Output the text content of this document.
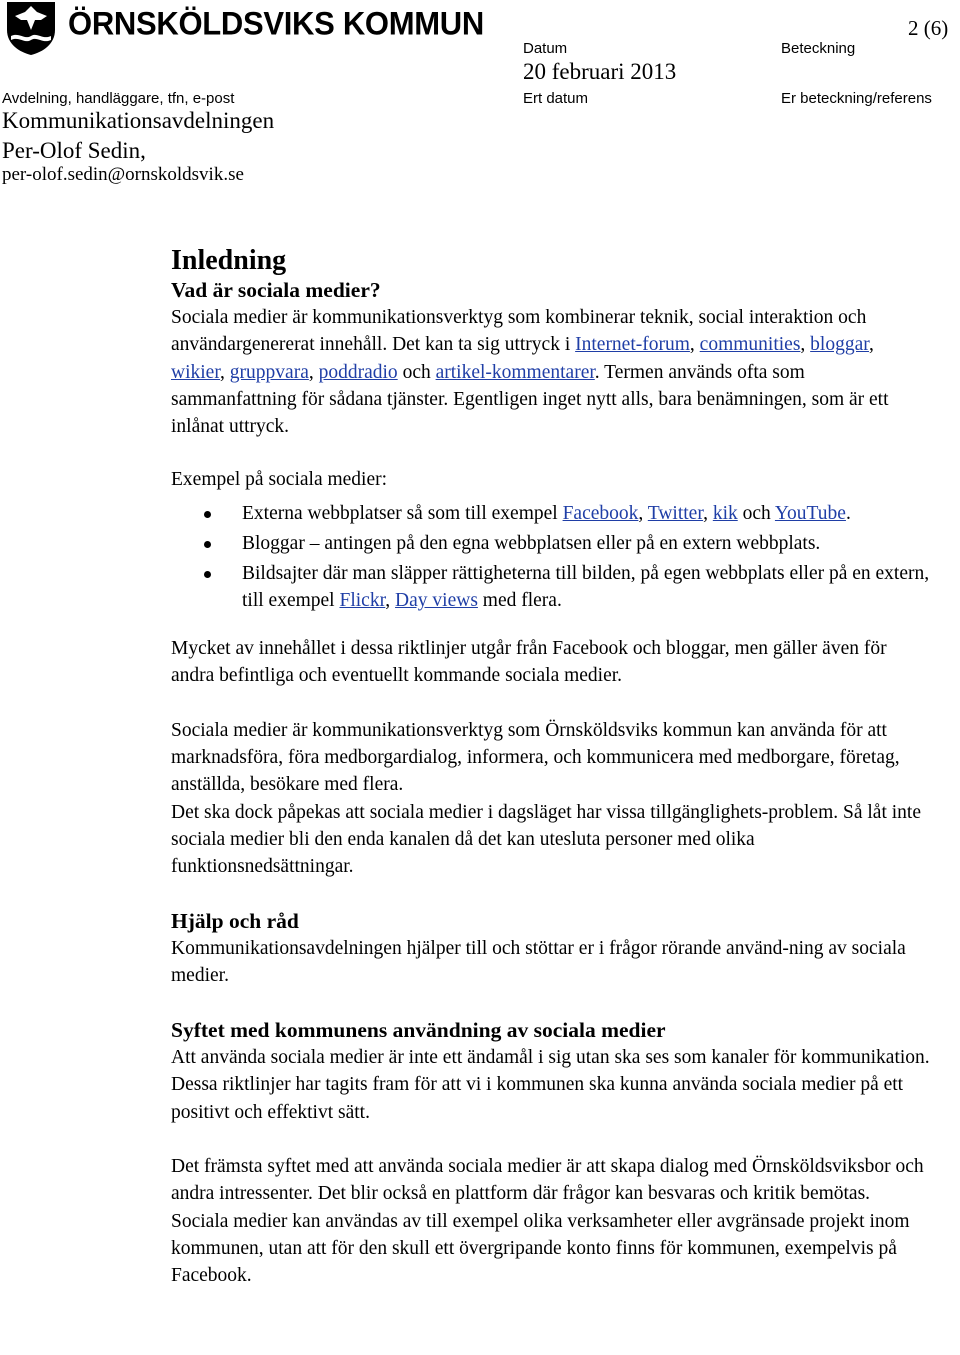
ÖRNSKÖLDSVIKS KOMMUN	2 (6)
Datum	Beteckning
20 februari 2013
Avdelning, handläggare, tfn, e-post	Ert datum	Er beteckning/referens
Kommunikationsavdelningen
Per-Olof Sedin,
per-olof.sedin@ornskoldsvik.se
Inledning
Vad är sociala medier?

Sociala medier är kommunikationsverktyg som kombinerar teknik, social interaktion och användargenererat innehåll. Det kan ta sig uttryck i Internet-forum, communities, bloggar, wikier, gruppvara, poddradio och artikel-kommentarer. Termen används ofta som sammanfattning för sådana tjänster. Egentligen inget nytt alls, bara benämningen, som är ett inlånat uttryck.

Exempel på sociala medier:

Externa webbplatser så som till exempel Facebook, Twitter, kik och YouTube.
Bloggar – antingen på den egna webbplatsen eller på en extern webbplats.
Bildsajter där man släpper rättigheterna till bilden, på egen webbplats eller på en extern, till exempel Flickr, Day views med flera.

Mycket av innehållet i dessa riktlinjer utgår från Facebook och bloggar, men gäller även för andra befintliga och eventuellt kommande sociala medier.

Sociala medier är kommunikationsverktyg som Örnsköldsviks kommun kan använda för att marknadsföra, föra medborgardialog, informera, och kommunicera med medborgare, företag, anställda, besökare med flera.

Det ska dock påpekas att sociala medier i dagsläget har vissa tillgänglighets-problem. Så låt inte sociala medier bli den enda kanalen då det kan utesluta personer med olika funktionsnedsättningar.

Hjälp och råd

Kommunikationsavdelningen hjälper till och stöttar er i frågor rörande använd-ning av sociala medier.

Syftet med kommunens användning av sociala medier

Att använda sociala medier är inte ett ändamål i sig utan ska ses som kanaler för kommunikation. Dessa riktlinjer har tagits fram för att vi i kommunen ska kunna använda sociala medier på ett positivt och effektivt sätt.

Det främsta syftet med att använda sociala medier är att skapa dialog med Örnsköldsviksbor och andra intressenter. Det blir också en plattform där frågor kan besvaras och kritik bemötas. Sociala medier kan användas av till exempel olika verksamheter eller avgränsade projekt inom kommunen, utan att för den skull ett övergripande konto finns för kommunen, exempelvis på Facebook.
